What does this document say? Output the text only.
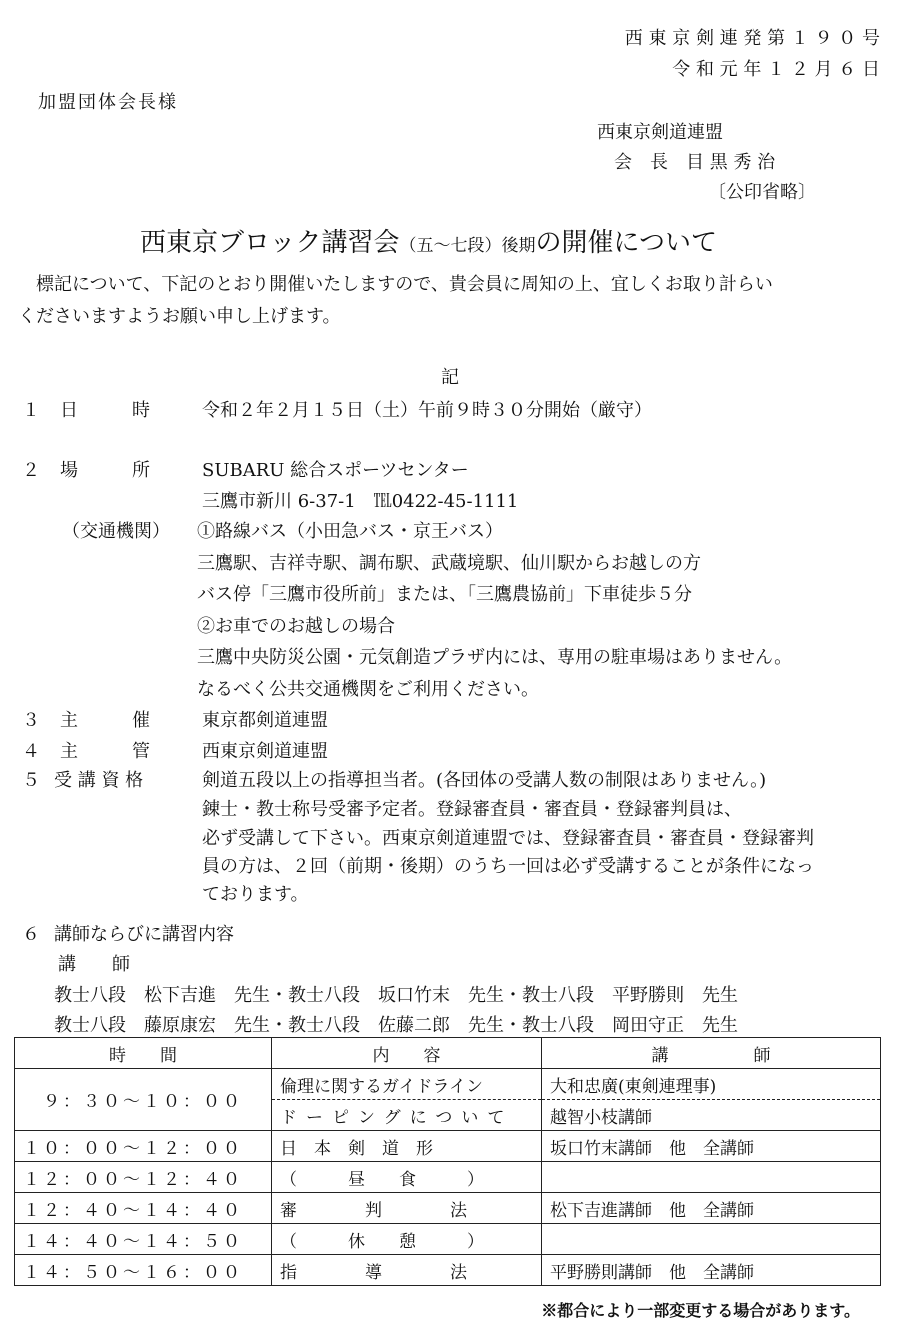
西 東 京 剣 連 発 第 １ ９ ０ 号
令 和 元 年 １ ２ 月 ６ 日
加盟団体会長様
西東京剣道連盟
会　長　目 黒 秀 治
〔公印省略〕
西東京ブロック講習会（五～七段）後期の開催について
標記について、下記のとおり開催いたしますので、貴会員に周知の上、宜しくお取り計らい
くださいますようお願い申し上げます。
記
１ 日　　　時	令和２年２月１５日（土）午前９時３０分開始（厳守）
２ 場　　　所	SUBARU 総合スポーツセンター
三鷹市新川 6-37-1　℡0422-45-1111
（交通機関） ①路線バス（小田急バス・京王バス）
三鷹駅、吉祥寺駅、調布駅、武蔵境駅、仙川駅からお越しの方
バス停「三鷹市役所前」または、「三鷹農協前」下車徒歩５分
②お車でのお越しの場合
三鷹中央防災公園・元気創造プラザ内には、専用の駐車場はありません。
なるべく公共交通機関をご利用ください。
３ 主　　　催	東京都剣道連盟
４ 主　　　管	西東京剣道連盟
５ 受 講 資 格	剣道五段以上の指導担当者。(各団体の受講人数の制限はありません。)
錬士・教士称号受審予定者。登録審査員・審査員・登録審判員は、
必ず受講して下さい。西東京剣道連盟では、登録審査員・審査員・登録審判
員の方は、２回（前期・後期）のうち一回は必ず受講することが条件になっ
ております。
６ 講師ならびに講習内容
講　　師
教士八段　松下吉進　先生・教士八段　坂口竹末　先生・教士八段　平野勝則　先生
教士八段　藤原康宏　先生・教士八段　佐藤二郎　先生・教士八段　岡田守正　先生
時　　間	内　　容	講　　　　　師
９：３０～１０：００	倫理に関するガイドライン	大和忠廣(東剣連理事)
	ドーピングについて	越智小枝講師
１０：００～１２：００	日　本　剣　道　形	坂口竹末講師　他　全講師
１２：００～１２：４０	（　　　昼　　食　　　）	
１２：４０～１４：４０	審　　　　判　　　　法	松下吉進講師　他　全講師
１４：４０～１４：５０	（　　　休　　憩　　　）	
１４：５０～１６：００	指　　　　導　　　　法	平野勝則講師　他　全講師
※都合により一部変更する場合があります。
